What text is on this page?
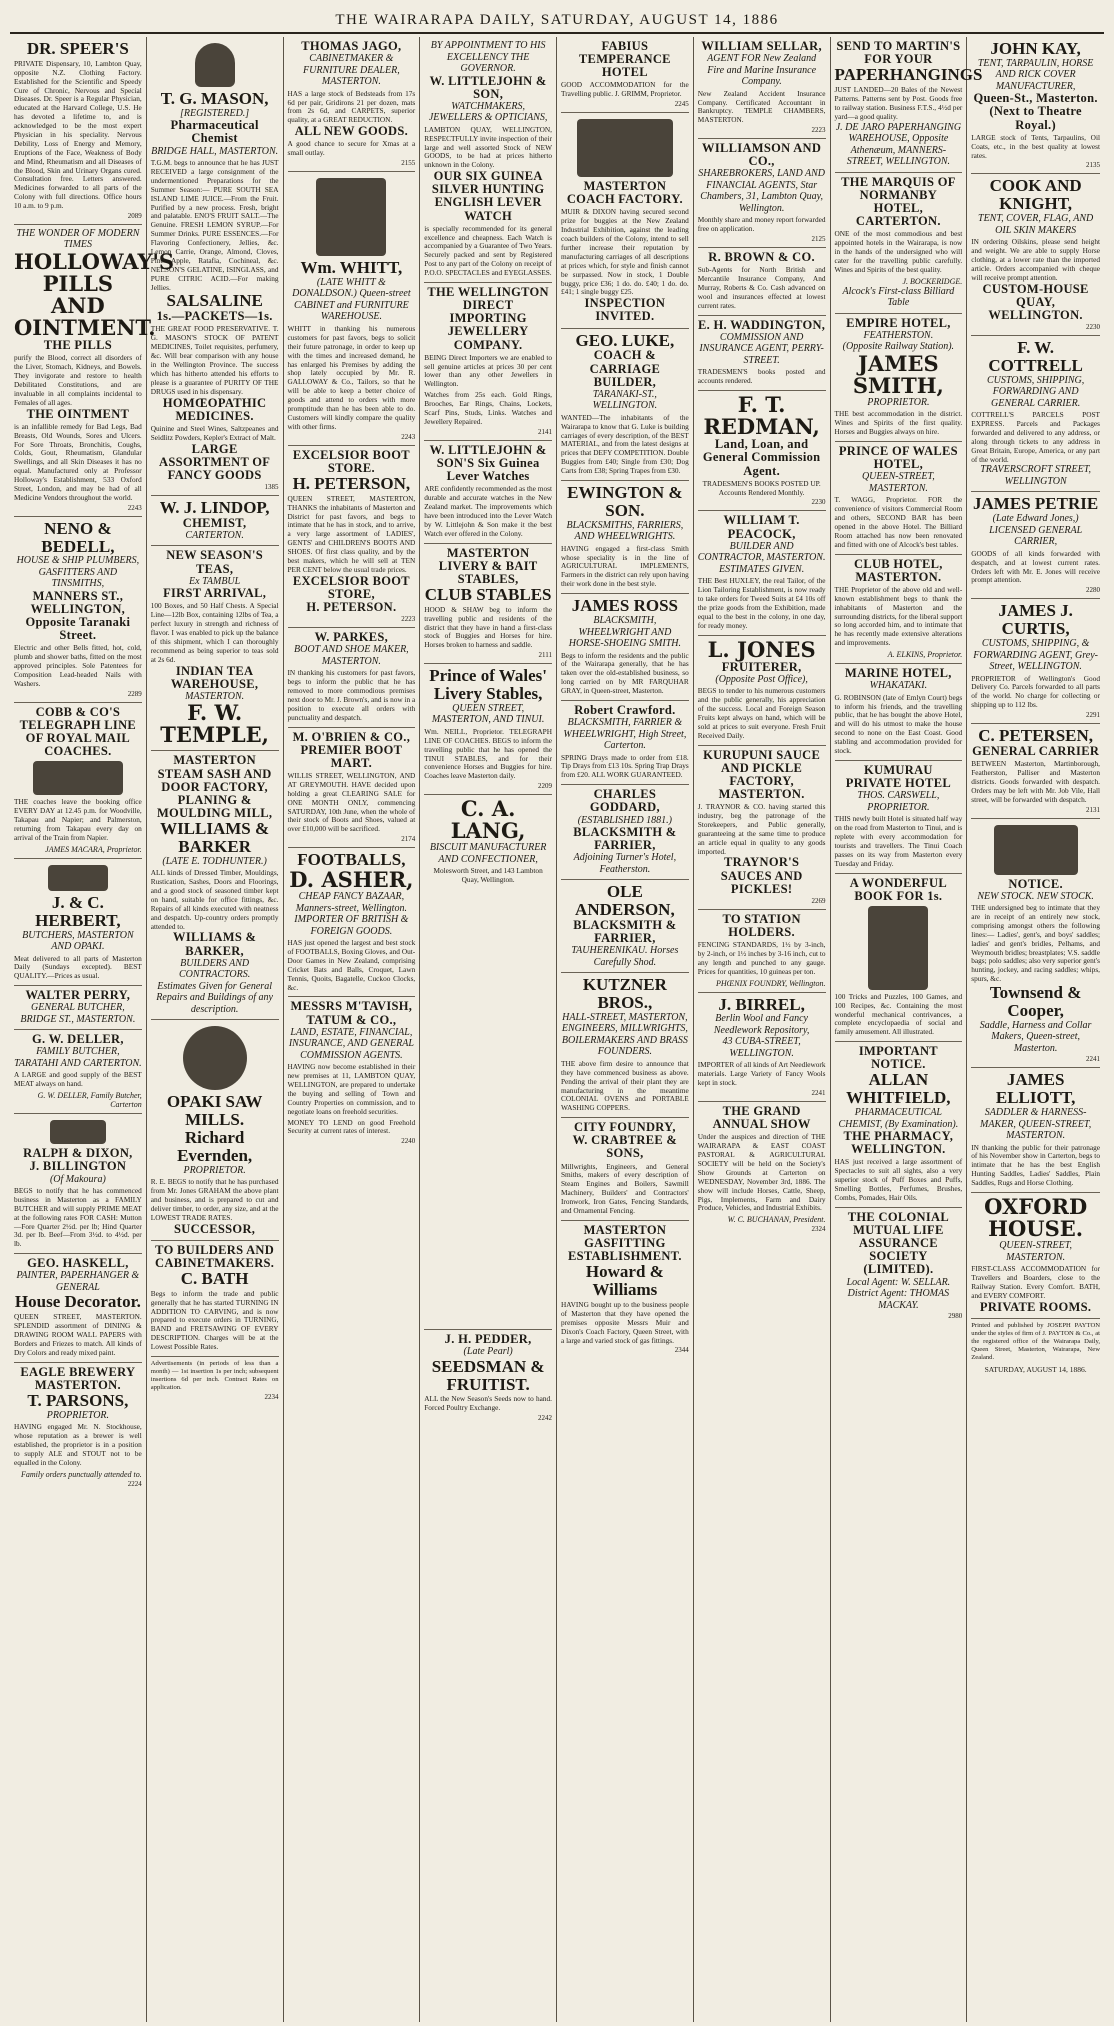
THE WAIRARAPA DAILY, SATURDAY, AUGUST 14, 1886
DR. SPEER'S
PRIVATE Dispensary, 10, Lambton Quay, opposite N.Z. Clothing Factory. Established for the Scientific and Speedy Cure of Chronic, Nervous and Special Diseases. Dr. Speer is a Regular Physician, educated at the Harvard College, U.S. He has devoted a lifetime to, and is acknowledged to be the most expert Physician in his speciality. Nervous Debility, Loss of Energy and Memory, Eruptions of the Face, Weakness of Body and Mind, Rheumatism and all Diseases of the Blood, Skin and Urinary Organs cured. Consultation free. Letters answered. Medicines forwarded to all parts of the Colony with full directions. Office hours 10 a.m. to 9 p.m.
2089
THE WONDER OF MODERN TIMES
HOLLOWAY'S PILLS AND OINTMENT.
THE PILLS
purify the Blood, correct all disorders of the Liver, Stomach, Kidneys, and Bowels. They invigorate and restore to health Debilitated Constitutions, and are invaluable in all complaints incidental to Females of all ages.
THE OINTMENT
is an infallible remedy for Bad Legs, Bad Breasts, Old Wounds, Sores and Ulcers. For Sore Throats, Bronchitis, Coughs, Colds, Gout, Rheumatism, Glandular Swellings, and all Skin Diseases it has no equal. Manufactured only at Professor Holloway's Establishment, 533 Oxford Street, London, and may be had of all Medicine Vendors throughout the world.
2243
NENO & BEDELL,
HOUSE & SHIP PLUMBERS, GASFITTERS AND TINSMITHS,
MANNERS ST., WELLINGTON, Opposite Taranaki Street.
Electric and other Bells fitted, hot, cold, plumb and shower baths, fitted on the most approved principles. Sole Patentees for Composition Lead-headed Nails with Washers.
2289
COBB & CO'S TELEGRAPH LINE OF ROYAL MAIL COACHES.
THE coaches leave the booking office EVERY DAY at 12.45 p.m. for Woodville, Takapau and Napier; and Palmerston, returning from Takapau every day on arrival of the Train from Napier.
JAMES MACARA, Proprietor.
J. & C. HERBERT,
BUTCHERS, MASTERTON AND OPAKI.
Meat delivered to all parts of Masterton Daily (Sundays excepted). BEST QUALITY.—Prices as usual.
WALTER PERRY,
GENERAL BUTCHER, BRIDGE ST., MASTERTON.
G. W. DELLER,
FAMILY BUTCHER, TARATAHI AND CARTERTON.
A LARGE and good supply of the BEST MEAT always on hand.
G. W. DELLER, Family Butcher, Carterton
RALPH & DIXON,
J. BILLINGTON
(Of Makoura)
BEGS to notify that he has commenced business in Masterton as a FAMILY BUTCHER and will supply PRIME MEAT at the following rates FOR CASH: Mutton—Fore Quarter 2½d. per lb; Hind Quarter 3d. per lb. Beef—From 3½d. to 4½d. per lb.
GEO. HASKELL,
PAINTER, PAPERHANGER & GENERAL
House Decorator.
QUEEN STREET, MASTERTON. SPLENDID assortment of DINING & DRAWING ROOM WALL PAPERS with Borders and Friezes to match. All kinds of Dry Colors and ready mixed paint.
EAGLE BREWERY MASTERTON.
T. PARSONS,
PROPRIETOR.
HAVING engaged Mr. N. Stockhouse, whose reputation as a brewer is well established, the proprietor is in a position to supply ALE and STOUT not to be equalled in the Colony.
Family orders punctually attended to.
2224
T. G. MASON,
[REGISTERED.]
Pharmaceutical Chemist
BRIDGE HALL, MASTERTON.
T.G.M. begs to announce that he has JUST RECEIVED a large consignment of the undermentioned Preparations for the Summer Season:— PURE SOUTH SEA ISLAND LIME JUICE.—From the Fruit. Purified by a new process. Fresh, bright and palatable. ENO'S FRUIT SALT.—The Genuine. FRESH LEMON SYRUP.—For Summer Drinks. PURE ESSENCES.—For Flavoring Confectionery, Jellies, &c. Lemon Carrie, Orange, Almond, Cloves, Pine Apple, Ratafia, Cochineal, &c. NELSON'S GELATINE, ISINGLASS, and PURE CITRIC ACID.—For making Jellies.
SALSALINE
1s.—PACKETS—1s.
THE GREAT FOOD PRESERVATIVE. T. G. MASON'S STOCK OF PATENT MEDICINES, Toilet requisites, perfumery, &c. Will bear comparison with any house in the Wellington Province. The success which has hitherto attended his efforts to please is a guarantee of PURITY OF THE DRUGS used in his dispensary.
HOMŒOPATHIC MEDICINES.
Quinine and Steel Wines, Saltzpeanes and Seidlitz Powders, Kepler's Extract of Malt.
LARGE ASSORTMENT OF FANCY GOODS
1385
W. J. LINDOP,
CHEMIST,
CARTERTON.
NEW SEASON'S TEAS,
Ex TAMBUL
FIRST ARRIVAL,
100 Boxes, and 50 Half Chests. A Special Line—12lb Box, containing 12lbs of Tea, a perfect luxury in strength and richness of flavor. I was enabled to pick up the balance of this shipment, which I can thoroughly recommend as being superior to teas sold at 2s 6d.
INDIAN TEA WAREHOUSE,
MASTERTON.
F. W. TEMPLE,
MASTERTON STEAM SASH AND DOOR FACTORY, PLANING & MOULDING MILL,
WILLIAMS & BARKER
(LATE E. TODHUNTER.)
ALL kinds of Dressed Timber, Mouldings, Rustication, Sashes, Doors and Floorings, and a good stock of seasoned timber kept on hand, suitable for office fittings, &c. Repairs of all kinds executed with neatness and despatch. Up-country orders promptly attended to.
WILLIAMS & BARKER,
BUILDERS AND CONTRACTORS.
Estimates Given for General Repairs and Buildings of any description.
OPAKI SAW MILLS.
Richard Evernden,
PROPRIETOR.
R. E. BEGS to notify that he has purchased from Mr. Jones GRAHAM the above plant and business, and is prepared to cut and deliver timber, to order, any size, and at the LOWEST TRADE RATES.
SUCCESSOR,
TO BUILDERS AND CABINETMAKERS.
C. BATH
Begs to inform the trade and public generally that he has started TURNING IN ADDITION TO CARVING, and is now prepared to execute orders in TURNING, BAND and FRETSAWING OF EVERY DESCRIPTION. Charges will be at the Lowest Possible Rates.
Advertisements (in periods of less than a month) — 1st insertion 1s per inch; subsequent insertions 6d per inch. Contract Rates on application.
2234
THOMAS JAGO,
CABINETMAKER & FURNITURE DEALER, MASTERTON.
HAS a large stock of Bedsteads from 17s 6d per pair, Gridirons 21 per dozen, mats from 2s 6d, and CARPETS, superior quality, at a GREAT REDUCTION.
ALL NEW GOODS.
A good chance to secure for Xmas at a small outlay.
2155
Wm. WHITT,
(LATE WHITT & DONALDSON.) Queen-street CABINET and FURNITURE WAREHOUSE.
WHITT in thanking his numerous customers for past favors, begs to solicit their future patronage, in order to keep up with the times and increased demand, he has enlarged his Premises by adding the shop lately occupied by Mr. R. GALLOWAY & Co., Tailors, so that he will be able to keep a better choice of goods and attend to orders with more promptitude than he has been able to do. Customers will kindly compare the quality with other firms.
2243
EXCELSIOR BOOT STORE.
H. PETERSON,
QUEEN STREET, MASTERTON, THANKS the inhabitants of Masterton and District for past favors, and begs to intimate that he has in stock, and to arrive, a very large assortment of LADIES', GENTS' and CHILDREN'S BOOTS AND SHOES. Of first class quality, and by the best makers, which he will sell at TEN PER CENT below the usual trade prices.
EXCELSIOR BOOT STORE,
H. PETERSON.
2223
W. PARKES,
BOOT AND SHOE MAKER, MASTERTON.
IN thanking his customers for past favors, begs to inform the public that he has removed to more commodious premises next door to Mr. J. Brown's, and is now in a position to execute all orders with punctuality and despatch.
M. O'BRIEN & CO.,
PREMIER BOOT MART.
WILLIS STREET, WELLINGTON, AND AT GREYMOUTH. HAVE decided upon holding a great CLEARING SALE for ONE MONTH ONLY, commencing SATURDAY, 10th June, when the whole of their stock of Boots and Shoes, valued at over £10,000 will be sacrificed.
2174
FOOTBALLS,
D. ASHER,
CHEAP FANCY BAZAAR, Manners-street, Wellington. IMPORTER OF BRITISH & FOREIGN GOODS.
HAS just opened the largest and best stock of FOOTBALLS, Boxing Gloves, and Out-Door Games in New Zealand, comprising Cricket Bats and Balls, Croquet, Lawn Tennis, Quoits, Bagatelle, Cuckoo Clocks, &c.
MESSRS M'TAVISH, TATUM & CO.,
LAND, ESTATE, FINANCIAL, INSURANCE, AND GENERAL COMMISSION AGENTS.
HAVING now become established in their new premises at 11, LAMBTON QUAY, WELLINGTON, are prepared to undertake the buying and selling of Town and Country Properties on commission, and to negotiate loans on freehold securities.
MONEY TO LEND on good Freehold Security at current rates of interest.
2240
BY APPOINTMENT TO HIS EXCELLENCY THE GOVERNOR.
W. LITTLEJOHN & SON,
WATCHMAKERS, JEWELLERS & OPTICIANS,
LAMBTON QUAY, WELLINGTON, RESPECTFULLY invite inspection of their large and well assorted Stock of NEW GOODS, to be had at prices hitherto unknown in the Colony.
OUR SIX GUINEA SILVER HUNTING ENGLISH LEVER WATCH
is specially recommended for its general excellence and cheapness. Each Watch is accompanied by a Guarantee of Two Years. Securely packed and sent by Registered Post to any part of the Colony on receipt of P.O.O. SPECTACLES and EYEGLASSES.
THE WELLINGTON DIRECT IMPORTING JEWELLERY COMPANY.
BEING Direct Importers we are enabled to sell genuine articles at prices 30 per cent lower than any other Jewellers in Wellington.
Watches from 25s each. Gold Rings, Brooches, Ear Rings, Chains, Lockets, Scarf Pins, Studs, Links. Watches and Jewellery Repaired.
2141
W. LITTLEJOHN & SON'S Six Guinea Lever Watches
ARE confidently recommended as the most durable and accurate watches in the New Zealand market. The improvements which have been introduced into the Lever Watch by W. Littlejohn & Son make it the best Watch ever offered in the Colony.
MASTERTON LIVERY & BAIT STABLES,
CLUB STABLES
HOOD & SHAW beg to inform the travelling public and residents of the district that they have in hand a first-class stock of Buggies and Horses for hire. Horses broken to harness and saddle.
2111
Prince of Wales' Livery Stables,
QUEEN STREET, MASTERTON, AND TINUI.
Wm. NEILL, Proprietor. TELEGRAPH LINE OF COACHES. BEGS to inform the travelling public that he has opened the TINUI STABLES, and for their convenience Horses and Buggies for hire. Coaches leave Masterton daily.
2209
C. A. LANG,
BISCUIT MANUFACTURER AND CONFECTIONER,
Molesworth Street, and 143 Lambton Quay, Wellington.
J. H. PEDDER,
(Late Pearl)
SEEDSMAN & FRUITIST.
ALL the New Season's Seeds now to hand. Forced Poultry Exchange.
2242
FABIUS TEMPERANCE HOTEL
GOOD ACCOMMODATION for the Travelling public. J. GRIMM, Proprietor.
2245
MASTERTON COACH FACTORY.
MUIR & DIXON having secured second prize for buggies at the New Zealand Industrial Exhibition, against the leading coach builders of the Colony, intend to sell further increase their reputation by manufacturing carriages of all descriptions at prices which, for style and finish cannot be surpassed. Now in stock, 1 Double buggy, price £36; 1 do. do. £40; 1 do. do. £41; 1 single buggy £25.
INSPECTION INVITED.
GEO. LUKE,
COACH & CARRIAGE BUILDER,
TARANAKI-ST., WELLINGTON.
WANTED—The inhabitants of the Wairarapa to know that G. Luke is building carriages of every description, of the BEST MATERIAL, and from the latest designs at prices that DEFY COMPETITION. Double Buggies from £40; Single from £30; Dog Carts from £38; Spring Trapes from £30.
EWINGTON & SON.
BLACKSMITHS, FARRIERS, AND WHEELWRIGHTS.
HAVING engaged a first-class Smith whose speciality is in the line of AGRICULTURAL IMPLEMENTS, Farmers in the district can rely upon having their work done in the best style.
JAMES ROSS
BLACKSMITH, WHEELWRIGHT AND HORSE-SHOEING SMITH.
Begs to inform the residents and the public of the Wairarapa generally, that he has taken over the old-established business, so long carried on by MR FARQUHAR GRAY, in Queen-street, Masterton.
Robert Crawford.
BLACKSMITH, FARRIER & WHEELWRIGHT, High Street, Carterton.
SPRING Drays made to order from £18. Tip Drays from £13 10s. Spring Trap Drays from £20. ALL WORK GUARANTEED.
CHARLES GODDARD,
(ESTABLISHED 1881.)
BLACKSMITH & FARRIER,
Adjoining Turner's Hotel, Featherston.
OLE ANDERSON,
BLACKSMITH & FARRIER,
TAUHERENIKAU. Horses Carefully Shod.
KUTZNER BROS.,
HALL-STREET, MASTERTON, ENGINEERS, MILLWRIGHTS, BOILERMAKERS AND BRASS FOUNDERS.
THE above firm desire to announce that they have commenced business as above. Pending the arrival of their plant they are manufacturing in the meantime COLONIAL OVENS and PORTABLE WASHING COPPERS.
CITY FOUNDRY,
W. CRABTREE & SONS,
Millwrights, Engineers, and General Smiths, makers of every description of Steam Engines and Boilers, Sawmill Machinery, Builders' and Contractors' Ironwork, Iron Gates, Fencing Standards, and Ornamental Fencing.
MASTERTON GASFITTING ESTABLISHMENT.
Howard & Williams
HAVING bought up to the business people of Masterton that they have opened the premises opposite Messrs Muir and Dixon's Coach Factory, Queen Street, with a large and varied stock of gas fittings.
2344
WILLIAM SELLAR,
AGENT FOR New Zealand Fire and Marine Insurance Company.
New Zealand Accident Insurance Company. Certificated Accountant in Bankruptcy. TEMPLE CHAMBERS, MASTERTON.
2223
WILLIAMSON AND CO.,
SHAREBROKERS, LAND AND FINANCIAL AGENTS, Star Chambers, 31, Lambton Quay, Wellington.
Monthly share and money report forwarded free on application.
2125
R. BROWN & CO.
Sub-Agents for North British and Mercantile Insurance Company, And Murray, Roberts & Co. Cash advanced on wool and insurances effected at lowest current rates.
E. H. WADDINGTON,
COMMISSION AND INSURANCE AGENT, PERRY-STREET.
TRADESMEN'S books posted and accounts rendered.
F. T. REDMAN,
Land, Loan, and General Commission Agent.
TRADESMEN'S BOOKS POSTED UP. Accounts Rendered Monthly.
2230
WILLIAM T. PEACOCK,
BUILDER AND CONTRACTOR, MASTERTON. ESTIMATES GIVEN.
THE Best HUXLEY, the real Tailor, of the Lion Tailoring Establishment, is now ready to take orders for Tweed Suits at £4 10s off the prize goods from the Exhibition, made equal to the best in the colony, in one day, for ready money.
L. JONES
FRUITERER,
(Opposite Post Office),
BEGS to tender to his numerous customers and the public generally, his appreciation of the success. Local and Foreign Season Fruits kept always on hand, which will be sold at prices to suit everyone. Fresh Fruit Received Daily.
KURUPUNI SAUCE AND PICKLE FACTORY, MASTERTON.
J. TRAYNOR & CO. having started this industry, beg the patronage of the Storekeepers, and Public generally, guaranteeing at the same time to produce an article equal in quality to any goods imported.
TRAYNOR'S SAUCES AND PICKLES!
2269
TO STATION HOLDERS.
FENCING STANDARDS, 1½ by 3-inch, by 2-inch, or 1½ inches by 3-16 inch, cut to any length and punched to any gauge. Prices for quantities, 10 guineas per ton.
PHŒNIX FOUNDRY, Wellington.
J. BIRREL,
Berlin Wool and Fancy Needlework Repository,
43 CUBA-STREET, WELLINGTON.
IMPORTER of all kinds of Art Needlework materials. Large Variety of Fancy Wools kept in stock.
2241
THE GRAND ANNUAL SHOW
Under the auspices and direction of THE WAIRARAPA & EAST COAST PASTORAL & AGRICULTURAL SOCIETY will be held on the Society's Show Grounds at Carterton on WEDNESDAY, November 3rd, 1886. The show will include Horses, Cattle, Sheep, Pigs, Implements, Farm and Dairy Produce, Vehicles, and Industrial Exhibits.
W. C. BUCHANAN, President.
2324
SEND TO MARTIN'S FOR YOUR
PAPERHANGINGS
JUST LANDED—20 Bales of the Newest Patterns. Patterns sent by Post. Goods free to railway station. Business F.T.S., 4½d per yard—a good quality.
J. DE JARO PAPERHANGING WAREHOUSE, Opposite Athenæum, MANNERS-STREET, WELLINGTON.
THE MARQUIS OF NORMANBY HOTEL, CARTERTON.
ONE of the most commodious and best appointed hotels in the Wairarapa, is now in the hands of the undersigned who will cater for the travelling public carefully. Wines and Spirits of the best quality.
J. BOCKERIDGE.
Alcock's First-class Billiard Table
EMPIRE HOTEL,
FEATHERSTON.
(Opposite Railway Station).
JAMES SMITH,
PROPRIETOR.
THE best accommodation in the district. Wines and Spirits of the first quality. Horses and Buggies always on hire.
PRINCE OF WALES HOTEL,
QUEEN-STREET, MASTERTON.
T. WAGG, Proprietor. FOR the convenience of visitors Commercial Room and others, SECOND BAR has been opened in the above Hotel. The Billiard Room attached has now been renovated and fitted with one of Alcock's best tables.
CLUB HOTEL, MASTERTON.
THE Proprietor of the above old and well-known establishment begs to thank the inhabitants of Masterton and the surrounding districts, for the liberal support so long accorded him, and to intimate that he has recently made extensive alterations and improvements.
A. ELKINS, Proprietor.
MARINE HOTEL,
WHAKATAKI.
G. ROBINSON (late of Emlyn Court) begs to inform his friends, and the travelling public, that he has bought the above Hotel, and will do his utmost to make the house second to none on the East Coast. Good stabling and accommodation provided for stock.
KUMURAU PRIVATE HOTEL
THOS. CARSWELL, PROPRIETOR.
THIS newly built Hotel is situated half way on the road from Masterton to Tinui, and is replete with every accommodation for tourists and travellers. The Tinui Coach passes on its way from Masterton every Tuesday and Friday.
A WONDERFUL BOOK FOR 1s.
100 Tricks and Puzzles, 100 Games, and 100 Recipes, &c. Containing the most wonderful mechanical contrivances, a complete encyclopaedia of social and family amusement. All illustrated.
IMPORTANT NOTICE.
ALLAN WHITFIELD,
PHARMACEUTICAL CHEMIST, (By Examination).
THE PHARMACY, WELLINGTON.
HAS just received a large assortment of Spectacles to suit all sights, also a very superior stock of Puff Boxes and Puffs, Smelling Bottles, Perfumes, Brushes, Combs, Pomades, Hair Oils.
THE COLONIAL MUTUAL LIFE ASSURANCE SOCIETY (LIMITED).
Local Agent: W. SELLAR. District Agent: THOMAS MACKAY.
2980
JOHN KAY,
TENT, TARPAULIN, HORSE AND RICK COVER MANUFACTURER,
Queen-St., Masterton. (Next to Theatre Royal.)
LARGE stock of Tents, Tarpaulins, Oil Coats, etc., in the best quality at lowest rates.
2135
COOK AND KNIGHT,
TENT, COVER, FLAG, AND OIL SKIN MAKERS
IN ordering Oilskins, please send height and weight. We are able to supply Horse clothing, at a lower rate than the imported article. Orders accompanied with cheque will receive prompt attention.
CUSTOM-HOUSE QUAY, WELLINGTON.
2230
F. W. COTTRELL
CUSTOMS, SHIPPING, FORWARDING AND GENERAL CARRIER.
COTTRELL'S PARCELS POST EXPRESS. Parcels and Packages forwarded and delivered to any address, or along through tickets to any address in Great Britain, Europe, America, or any part of the world.
TRAVERSCROFT STREET, WELLINGTON
JAMES PETRIE
(Late Edward Jones,) LICENSED GENERAL CARRIER,
GOODS of all kinds forwarded with despatch, and at lowest current rates. Orders left with Mr. E. Jones will receive prompt attention.
2280
JAMES J. CURTIS,
CUSTOMS, SHIPPING, & FORWARDING AGENT, Grey-Street, WELLINGTON.
PROPRIETOR of Wellington's Good Delivery Co. Parcels forwarded to all parts of the world. No charge for collecting or shipping up to 112 lbs.
2291
C. PETERSEN,
GENERAL CARRIER
BETWEEN Masterton, Martinborough, Featherston, Palliser and Masterton districts. Goods forwarded with despatch. Orders may be left with Mr. Job Vile, Hall street, will be forwarded with despatch.
2131
NOTICE.
NEW STOCK. NEW STOCK.
THE undersigned beg to intimate that they are in receipt of an entirely new stock, comprising amongst others the following lines:— Ladies', gent's, and boys' saddles; ladies' and gent's bridles, Pelhams, and Weymouth bridles; breastplates; V.S. saddle bags; polo saddles; also very superior gent's hunting, jockey, and racing saddles; whips, spurs, &c.
Townsend & Cooper,
Saddle, Harness and Collar Makers, Queen-street, Masterton.
2241
JAMES ELLIOTT,
SADDLER & HARNESS-MAKER, QUEEN-STREET, MASTERTON.
IN thanking the public for their patronage of his November show in Carterton, begs to intimate that he has the best English Hunting Saddles, Ladies' Saddles, Plain Saddles, Rugs and Horse Clothing.
OXFORD HOUSE.
QUEEN-STREET, MASTERTON.
FIRST-CLASS ACCOMMODATION for Travellers and Boarders, close to the Railway Station. Every Comfort. BATH, and EVERY COMFORT.
PRIVATE ROOMS.
Printed and published by JOSEPH PAYTON under the styles of firm of J. PAYTON & Co., at the registered office of the Wairarapa Daily, Queen Street, Masterton, Wairarapa, New Zealand.
SATURDAY, AUGUST 14, 1886.
